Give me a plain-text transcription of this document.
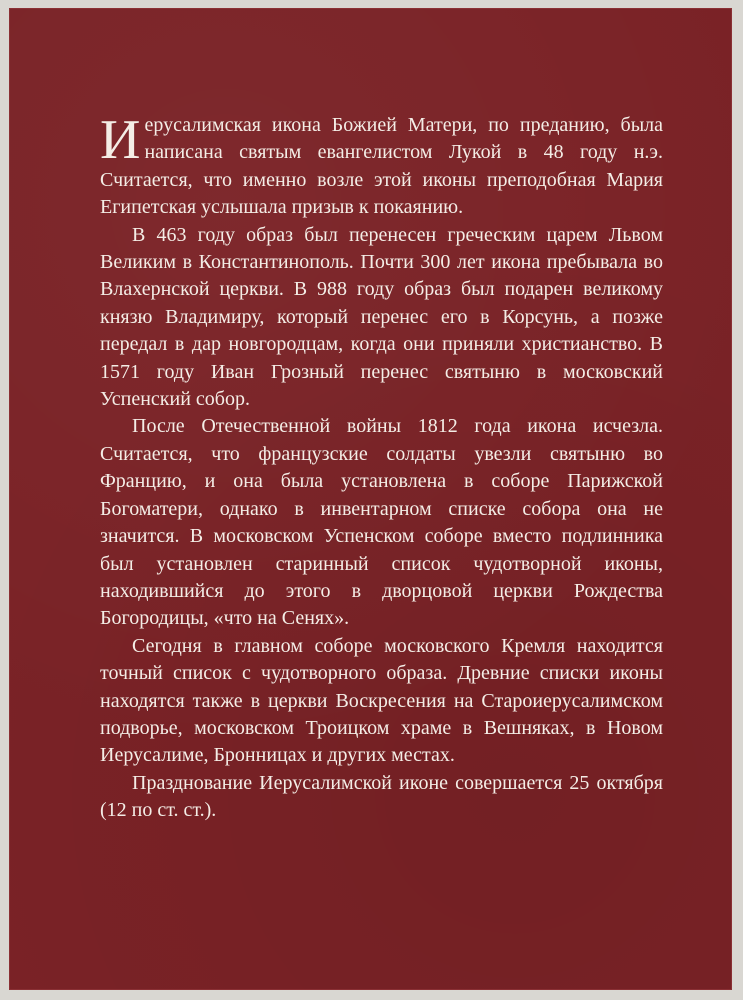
Иерусалимская икона Божией Матери, по преданию, была написана святым евангелистом Лукой в 48 году н.э. Считается, что именно возле этой иконы преподобная Мария Египетская услышала призыв к покаянию.

В 463 году образ был перенесен греческим царем Львом Великим в Константинополь. Почти 300 лет икона пребывала во Влахернской церкви. В 988 году образ был подарен великому князю Владимиру, который перенес его в Корсунь, а позже передал в дар новгородцам, когда они приняли христианство. В 1571 году Иван Грозный перенес святыню в московский Успенский собор.

После Отечественной войны 1812 года икона исчезла. Считается, что французские солдаты увезли святыню во Францию, и она была установлена в соборе Парижской Богоматери, однако в инвентарном списке собора она не значится. В московском Успенском соборе вместо подлинника был установлен старинный список чудотворной иконы, находившийся до этого в дворцовой церкви Рождества Богородицы, «что на Сенях».

Сегодня в главном соборе московского Кремля находится точный список с чудотворного образа. Древние списки иконы находятся также в церкви Воскресения на Староиерусалимском подворье, московском Троицком храме в Вешняках, в Новом Иерусалиме, Бронницах и других местах.

Празднование Иерусалимской иконе совершается 25 октября (12 по ст. ст.).
